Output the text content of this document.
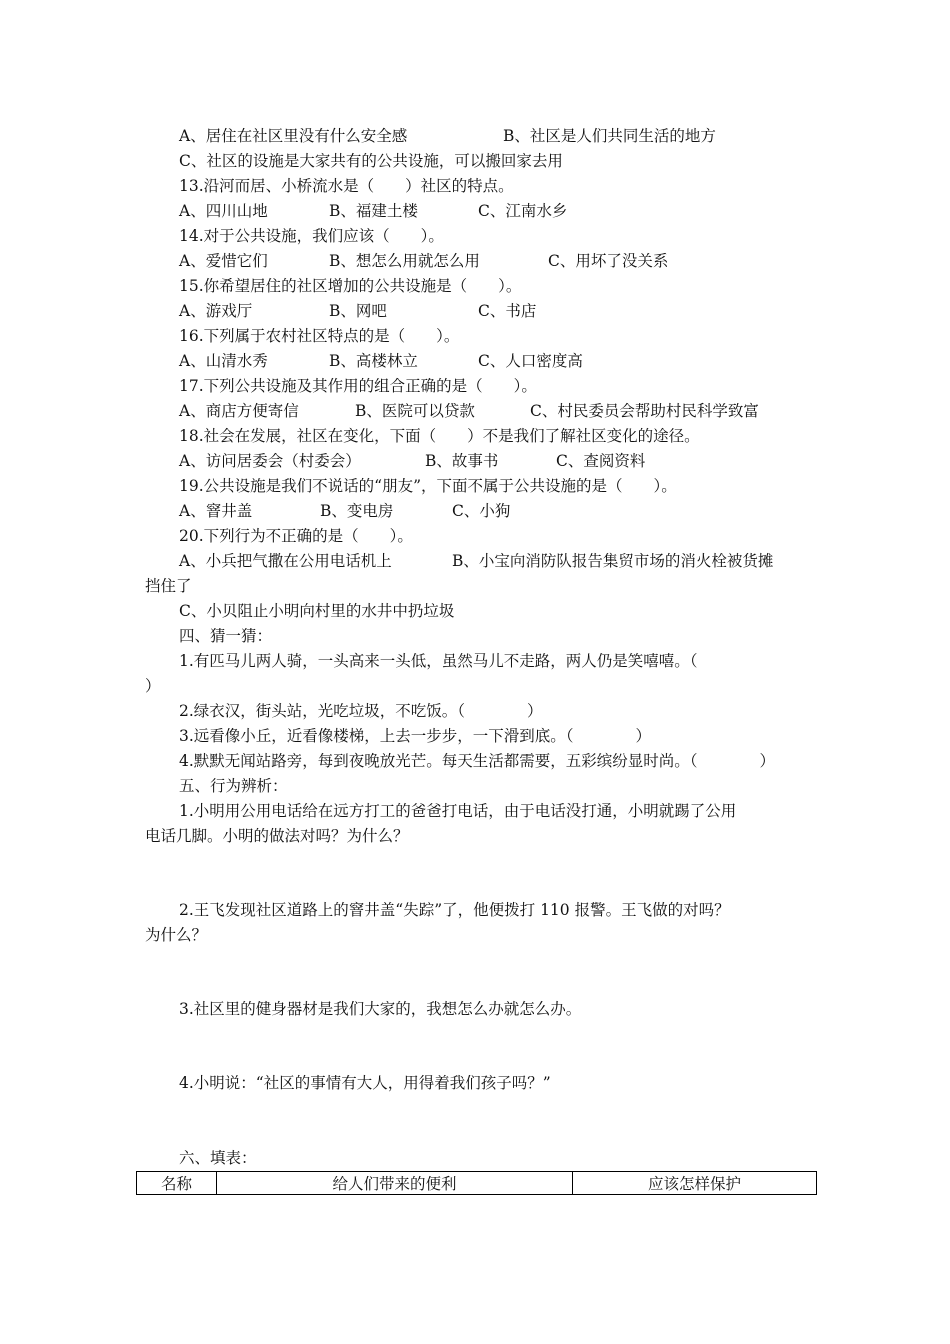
A、居住在社区里没有什么安全感	B、社区是人们共同生活的地方
C、社区的设施是大家共有的公共设施，可以搬回家去用
13.沿河而居、小桥流水是（　　）社区的特点。
A、四川山地	B、福建土楼	C、江南水乡
14.对于公共设施，我们应该（　　）。
A、爱惜它们	B、想怎么用就怎么用	C、用坏了没关系
15.你希望居住的社区增加的公共设施是（　　）。
A、游戏厅	B、网吧	C、书店
16.下列属于农村社区特点的是（　　）。
A、山清水秀	B、高楼林立	C、人口密度高
17.下列公共设施及其作用的组合正确的是（　　）。
A、商店方便寄信	B、医院可以贷款	C、村民委员会帮助村民科学致富
18.社会在发展，社区在变化，下面（　　）不是我们了解社区变化的途径。
A、访问居委会（村委会）	B、故事书	C、查阅资料
19.公共设施是我们不说话的“朋友”，下面不属于公共设施的是（　　）。
A、窨井盖	B、变电房	C、小狗
20.下列行为不正确的是（　　）。
A、小兵把气撒在公用电话机上	B、小宝向消防队报告集贸市场的消火栓被货摊
挡住了
C、小贝阻止小明向村里的水井中扔垃圾
四、猜一猜：
1.有匹马儿两人骑，一头高来一头低，虽然马儿不走路，两人仍是笑嘻嘻。（
）
2.绿衣汉，街头站，光吃垃圾，不吃饭。（　　　　）
3.远看像小丘，近看像楼梯，上去一步步，一下滑到底。（　　　　）
4.默默无闻站路旁，每到夜晚放光芒。每天生活都需要，五彩缤纷显时尚。（　　　　）
五、行为辨析：
1.小明用公用电话给在远方打工的爸爸打电话，由于电话没打通，小明就踢了公用
电话几脚。小明的做法对吗？为什么？
2.王飞发现社区道路上的窨井盖“失踪”了，他便拨打 110 报警。王飞做的对吗？
为什么？
3.社区里的健身器材是我们大家的，我想怎么办就怎么办。
4.小明说：“社区的事情有大人，用得着我们孩子吗？”
六、填表：
名称	给人们带来的便利	应该怎样保护
